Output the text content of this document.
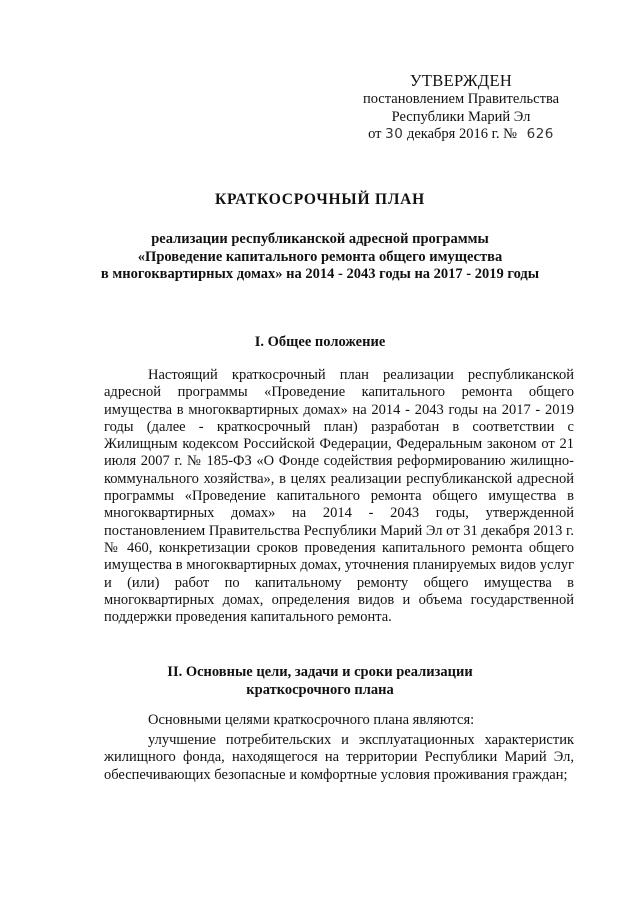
УТВЕРЖДЕН
постановлением Правительства
Республики Марий Эл
от 30 декабря 2016 г. № 626
КРАТКОСРОЧНЫЙ ПЛАН
реализации республиканской адресной программы
«Проведение капитального ремонта общего имущества
в многоквартирных домах» на 2014 - 2043 годы на 2017 - 2019 годы
I. Общее положение

Настоящий краткосрочный план реализации республиканской адресной программы «Проведение капитального ремонта общего имущества в многоквартирных домах» на 2014 - 2043 годы на 2017 - 2019 годы (далее - краткосрочный план) разработан в соответствии с Жилищным кодексом Российской Федерации, Федеральным законом от 21 июля 2007 г. № 185-ФЗ «О Фонде содействия реформированию жилищно-коммунального хозяйства», в целях реализации республиканской адресной программы «Проведение капитального ремонта общего имущества в многоквартирных домах» на 2014 - 2043 годы, утвержденной постановлением Правительства Республики Марий Эл от 31 декабря 2013 г. № 460, конкретизации сроков проведения капитального ремонта общего имущества в многоквартирных домах, уточнения планируемых видов услуг и (или) работ по капитальному ремонту общего имущества в многоквартирных домах, определения видов и объема государственной поддержки проведения капитального ремонта.

II. Основные цели, задачи и сроки реализации
краткосрочного плана

Основными целями краткосрочного плана являются:

улучшение потребительских и эксплуатационных характеристик жилищного фонда, находящегося на территории Республики Марий Эл, обеспечивающих безопасные и комфортные условия проживания граждан;
